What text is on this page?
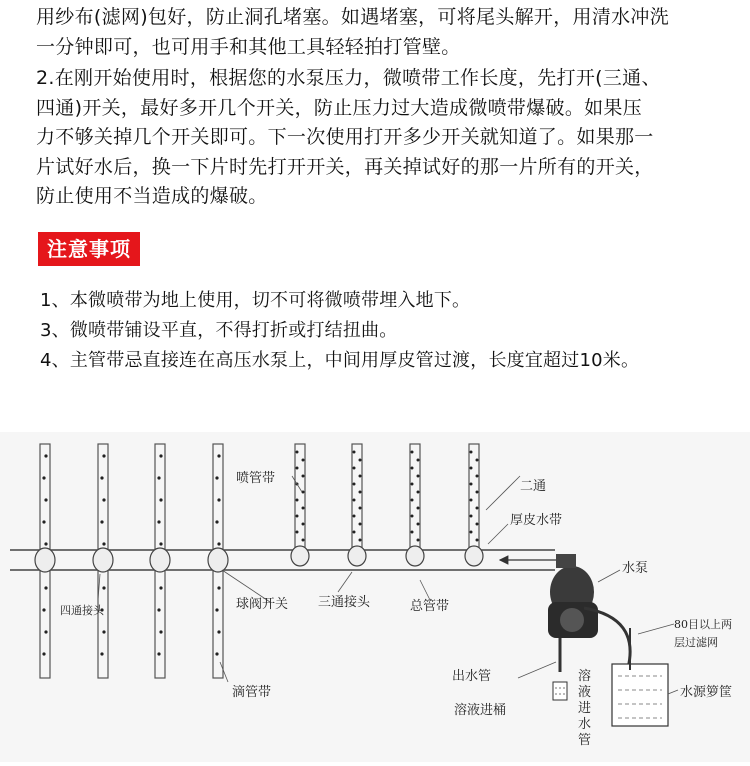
用纱布(滤网)包好，防止洞孔堵塞。如遇堵塞，可将尾头解开，用清水冲洗

一分钟即可，也可用手和其他工具轻轻拍打管壁。

2.在刚开始使用时，根据您的水泵压力，微喷带工作长度，先打开(三通、

四通)开关，最好多开几个开关，防止压力过大造成微喷带爆破。如果压

力不够关掉几个开关即可。下一次使用打开多少开关就知道了。如果那一

片试好水后，换一下片时先打开开关，再关掉试好的那一片所有的开关，

防止使用不当造成的爆破。

注意事项
1、本微喷带为地上使用，切不可将微喷带埋入地下。
3、微喷带铺设平直，不得打折或打结扭曲。
4、主管带忌直接连在高压水泵上，中间用厚皮管过渡，长度宜超过10米。
喷管带
二通
厚皮水带
水泵
四通接头	球阀开关 三通接头	总管带
80目以上两
层过滤网
滴管带
出水管
溶液进桶
水源箩筐
溶
液
进
水
管
